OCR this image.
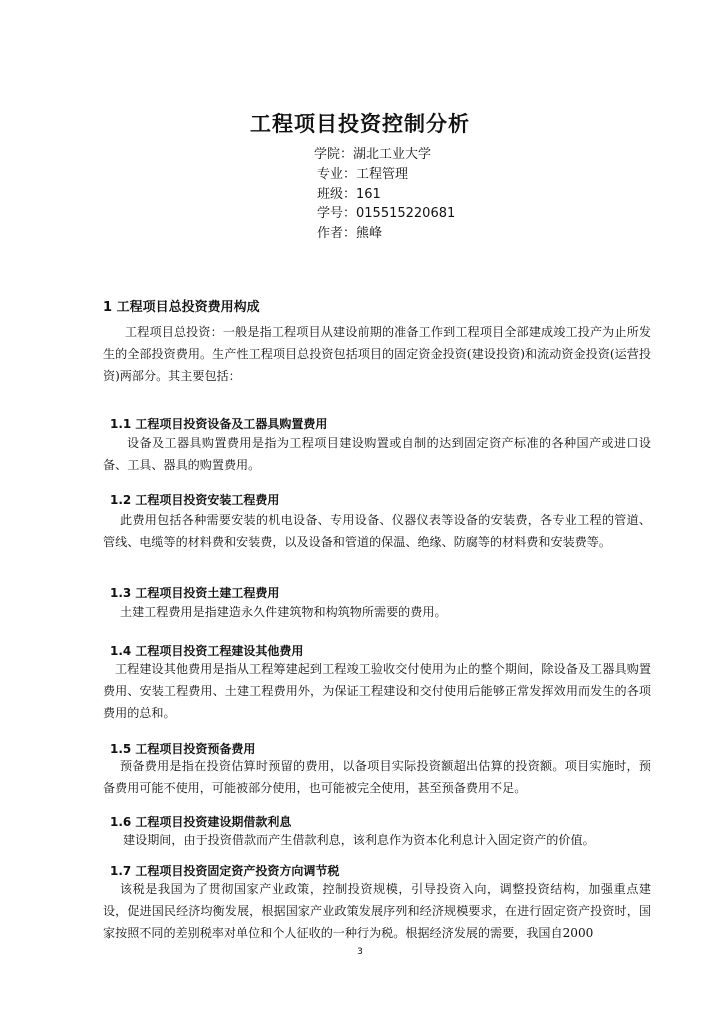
工程项目投资控制分析
学院：湖北工业大学
专业：工程管理
班级：161
学号：015515220681
作者：熊峰
1 工程项目总投资费用构成

工程项目总投资：一般是指工程项目从建设前期的准备工作到工程项目全部建成竣工投产为止所发生的全部投资费用。生产性工程项目总投资包括项目的固定资金投资(建设投资)和流动资金投资(运营投资)两部分。其主要包括：

1.1 工程项目投资设备及工器具购置费用

设备及工器具购置费用是指为工程项目建设购置或自制的达到固定资产标准的各种国产或进口设备、工具、器具的购置费用。

1.2 工程项目投资安装工程费用

此费用包括各种需要安装的机电设备、专用设备、仪器仪表等设备的安装费，各专业工程的管道、管线、电缆等的材料费和安装费，以及设备和管道的保温、绝缘、防腐等的材料费和安装费等。

1.3 工程项目投资土建工程费用

土建工程费用是指建造永久件建筑物和构筑物所需要的费用。

1.4 工程项目投资工程建设其他费用

工程建设其他费用是指从工程筹建起到工程竣工验收交付使用为止的整个期间，除设备及工器具购置费用、安装工程费用、土建工程费用外，为保证工程建设和交付使用后能够正常发挥效用而发生的各项费用的总和。

1.5 工程项目投资预备费用

预备费用是指在投资估算时预留的费用，以备项目实际投资额超出估算的投资额。项目实施时，预备费用可能不使用，可能被部分使用，也可能被完全使用，甚至预备费用不足。

1.6 工程项目投资建设期借款利息

建设期间，由于投资借款而产生借款利息，该利息作为资本化利息计入固定资产的价值。

1.7 工程项目投资固定资产投资方向调节税

该税是我国为了贯彻国家产业政策，控制投资规模，引导投资入向，调整投资结构，加强重点建设，促进国民经济均衡发展，根据国家产业政策发展序列和经济规模要求，在进行固定资产投资时，国家按照不同的差别税率对单位和个人征收的一种行为税。根据经济发展的需要，我国自2000

3
